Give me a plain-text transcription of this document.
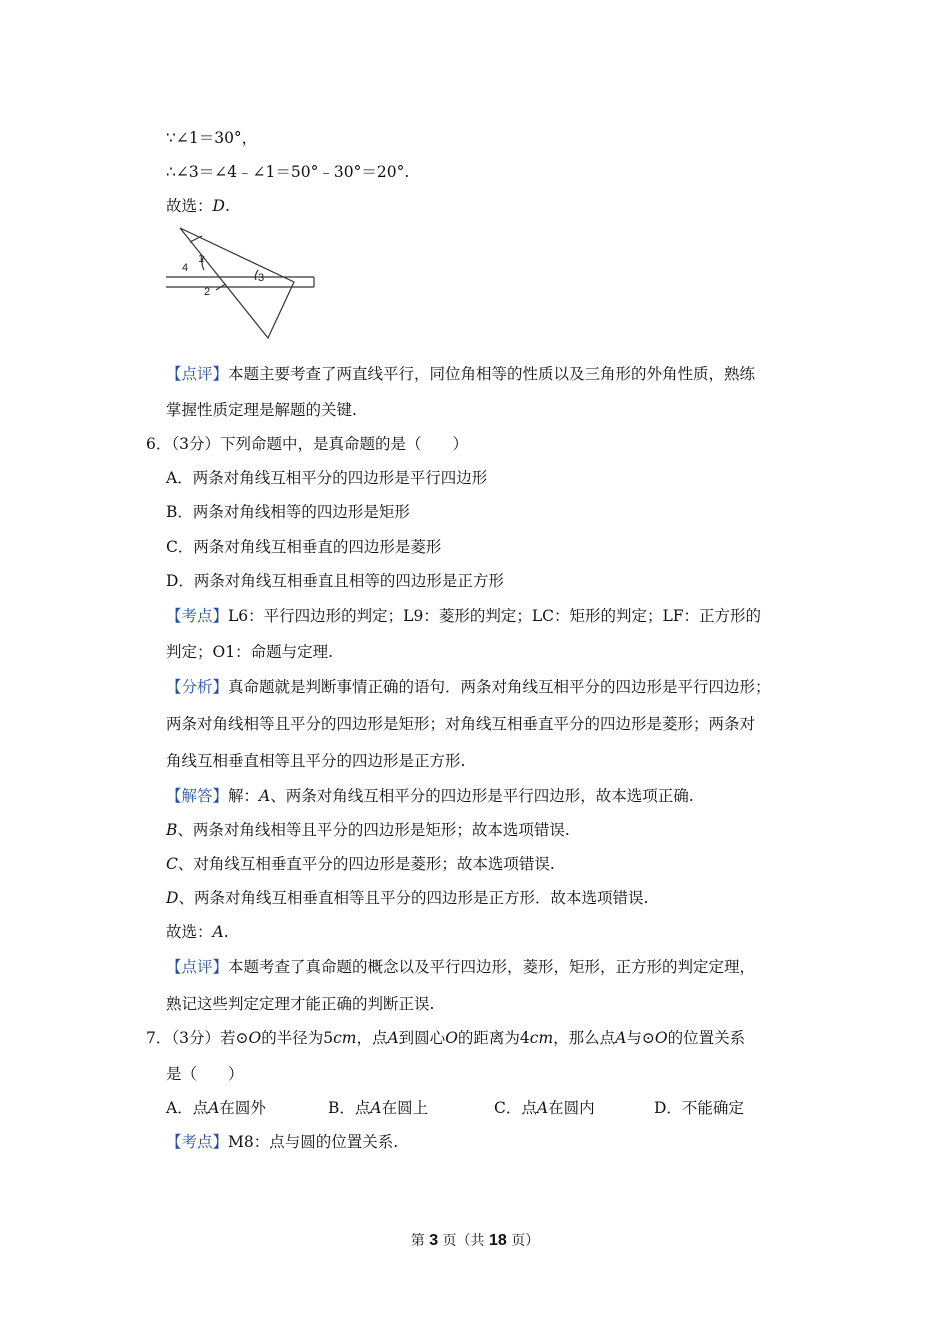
∵∠1＝30°，
∴∠3＝∠4﹣∠1＝50°﹣30°＝20°.
故选：D.
1
4
2
3
【点评】本题主要考查了两直线平行，同位角相等的性质以及三角形的外角性质，熟练
掌握性质定理是解题的关键.
6．（3分）下列命题中，是真命题的是（　　）
A．两条对角线互相平分的四边形是平行四边形
B．两条对角线相等的四边形是矩形
C．两条对角线互相垂直的四边形是菱形
D．两条对角线互相垂直且相等的四边形是正方形
【考点】L6：平行四边形的判定；L9：菱形的判定；LC：矩形的判定；LF：正方形的
判定；O1：命题与定理.
【分析】真命题就是判断事情正确的语句．两条对角线互相平分的四边形是平行四边形；
两条对角线相等且平分的四边形是矩形；对角线互相垂直平分的四边形是菱形；两条对
角线互相垂直相等且平分的四边形是正方形.
【解答】解：A、两条对角线互相平分的四边形是平行四边形，故本选项正确.
B、两条对角线相等且平分的四边形是矩形；故本选项错误.
C、对角线互相垂直平分的四边形是菱形；故本选项错误.
D、两条对角线互相垂直相等且平分的四边形是正方形．故本选项错误.
故选：A.
【点评】本题考查了真命题的概念以及平行四边形，菱形，矩形，正方形的判定定理，
熟记这些判定定理才能正确的判断正误.
7．（3分）若⊙O的半径为5cm，点A到圆心O的距离为4cm，那么点A与⊙O的位置关系
是（　　）
A．点A在圆外	B．点A在圆上	C．点A在圆内	D．不能确定
【考点】M8：点与圆的位置关系.
第 3 页（共 18 页）
